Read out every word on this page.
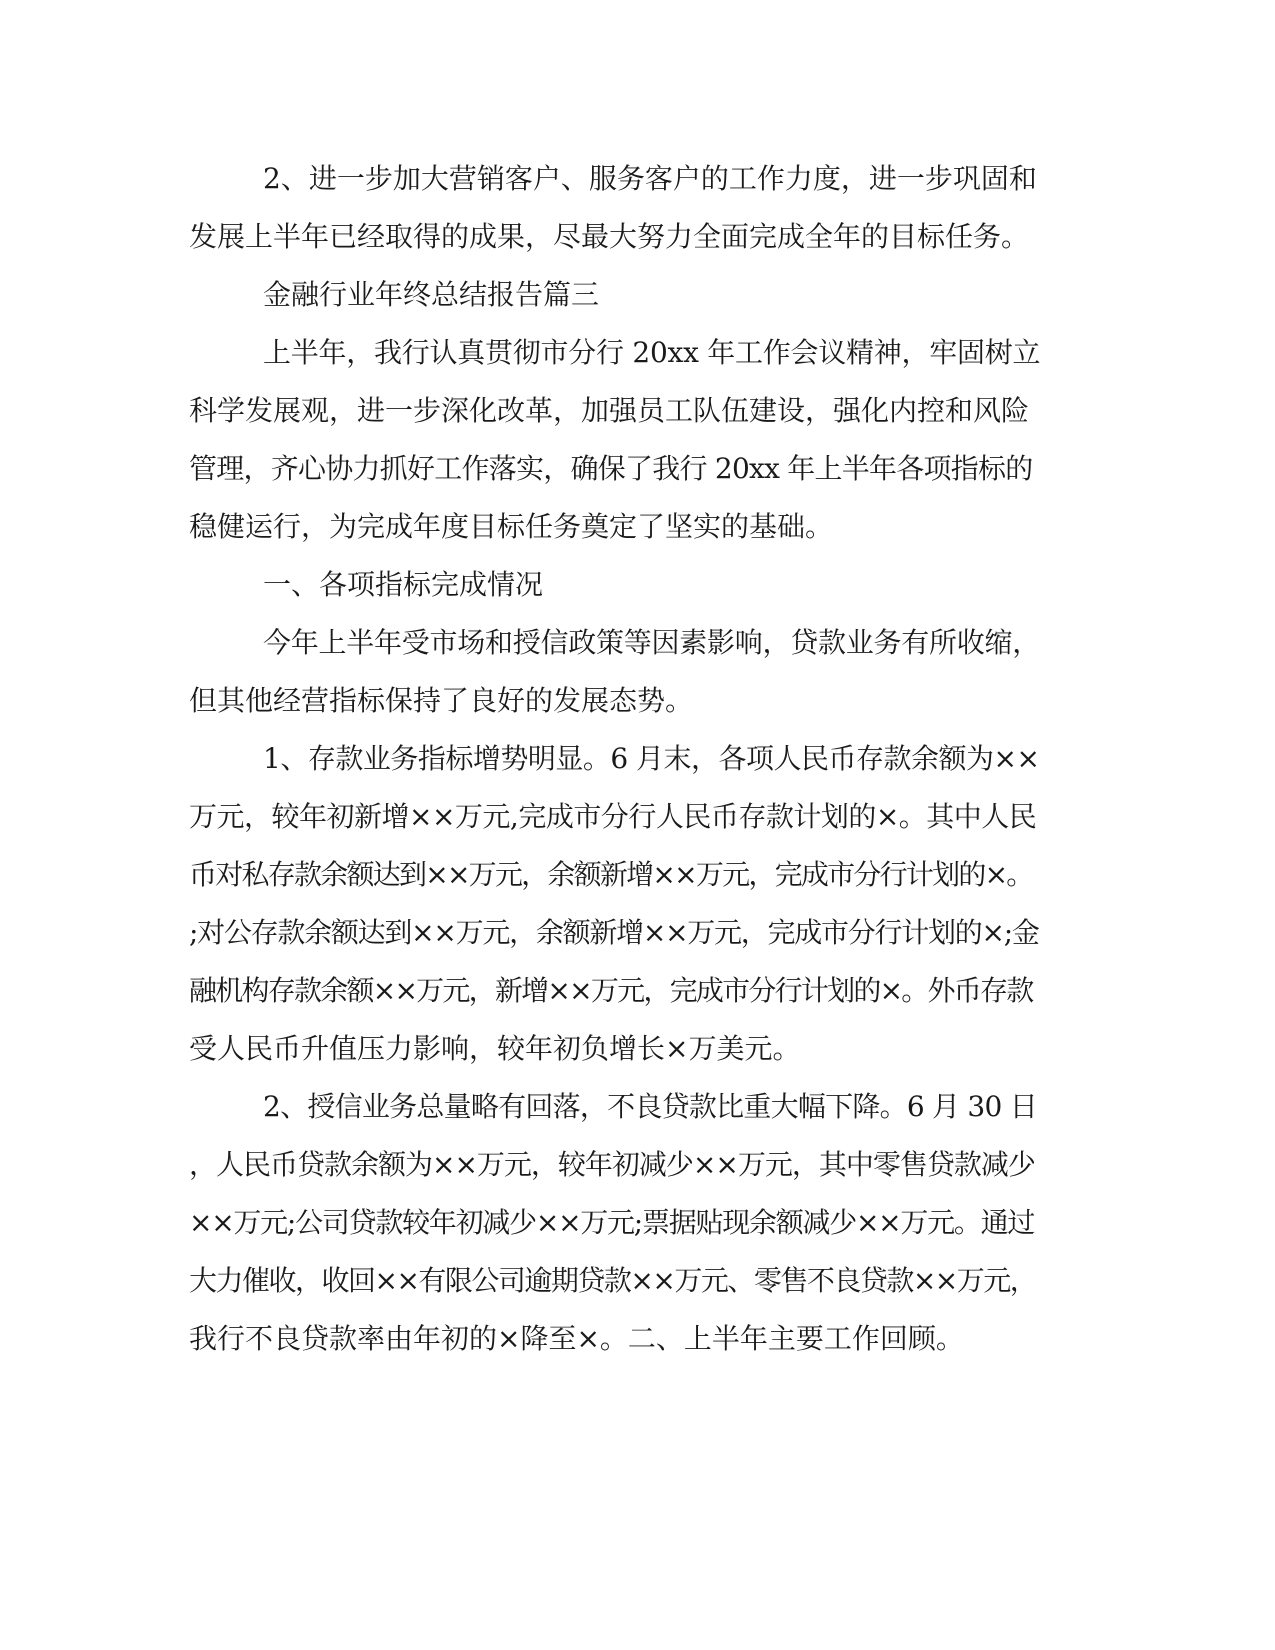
2、进一步加大营销客户、服务客户的工作力度，进一步巩固和

发展上半年已经取得的成果，尽最大努力全面完成全年的目标任务。

金融行业年终总结报告篇三

上半年，我行认真贯彻市分行 20xx 年工作会议精神，牢固树立

科学发展观，进一步深化改革，加强员工队伍建设，强化内控和风险

管理，齐心协力抓好工作落实，确保了我行 20xx 年上半年各项指标的

稳健运行，为完成年度目标任务奠定了坚实的基础。

一、各项指标完成情况

今年上半年受市场和授信政策等因素影响，贷款业务有所收缩，

但其他经营指标保持了良好的发展态势。

1、存款业务指标增势明显。6 月末，各项人民币存款余额为××

万元，较年初新增××万元,完成市分行人民币存款计划的×。其中人民

币对私存款余额达到××万元，余额新增××万元，完成市分行计划的×。

;对公存款余额达到××万元，余额新增××万元，完成市分行计划的×;金

融机构存款余额××万元，新增××万元，完成市分行计划的×。外币存款

受人民币升值压力影响，较年初负增长×万美元。

2、授信业务总量略有回落，不良贷款比重大幅下降。6 月 30 日

，人民币贷款余额为××万元，较年初减少××万元，其中零售贷款减少

××万元;公司贷款较年初减少××万元;票据贴现余额减少××万元。通过

大力催收，收回××有限公司逾期贷款××万元、零售不良贷款××万元，

我行不良贷款率由年初的×降至×。二、上半年主要工作回顾。
